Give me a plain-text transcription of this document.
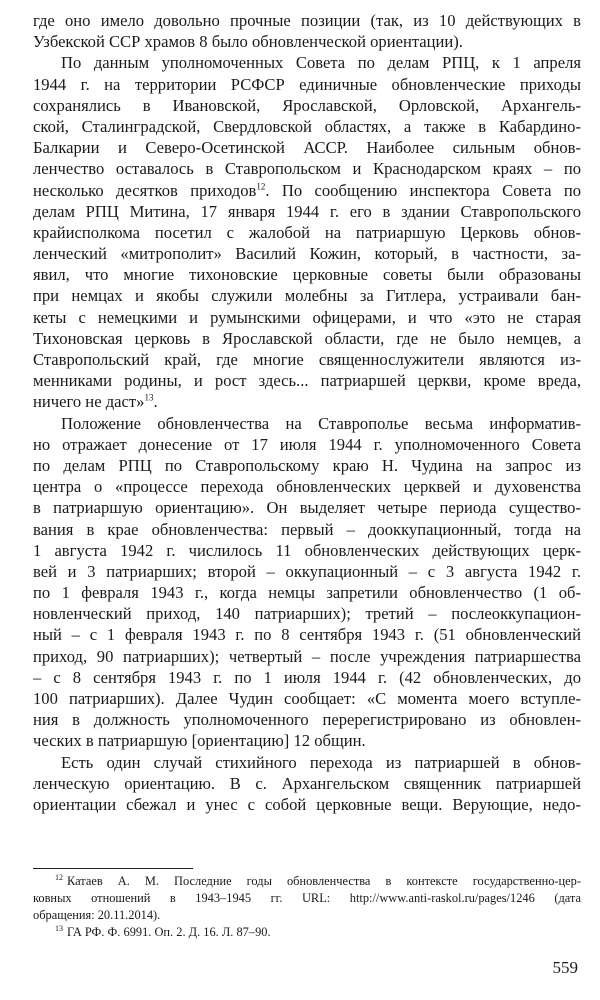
где оно имело довольно прочные позиции (так, из 10 действующих в
Узбекской ССР храмов 8 было обновленческой ориентации).
По данным уполномоченных Совета по делам РПЦ, к 1 апреля
1944 г. на территории РСФСР единичные обновленческие приходы
сохранялись в Ивановской, Ярославской, Орловской, Архангель-
ской, Сталинградской, Свердловской областях, а также в Кабардино-
Балкарии и Северо-Осетинской АССР. Наиболее сильным обнов-
ленчество оставалось в Ставропольском и Краснодарском краях – по
несколько десятков приходов$^{12}$. По сообщению инспектора Совета по
делам РПЦ Митина, 17 января 1944 г. его в здании Ставропольского
крайисполкома посетил с жалобой на патриаршую Церковь обнов-
ленческий «митрополит» Василий Кожин, который, в частности, за-
явил, что многие тихоновские церковные советы были образованы
при немцах и якобы служили молебны за Гитлера, устраивали бан-
кеты с немецкими и румынскими офицерами, и что «это не старая
Тихоновская церковь в Ярославской области, где не было немцев, а
Ставропольский край, где многие священнослужители являются из-
менниками родины, и рост здесь... патриаршей церкви, кроме вреда,
ничего не даст»$^{13}$.
Положение обновленчества на Ставрополье весьма информатив-
но отражает донесение от 17 июля 1944 г. уполномоченного Совета
по делам РПЦ по Ставропольскому краю Н. Чудина на запрос из
центра о «процессе перехода обновленческих церквей и духовенства
в патриаршую ориентацию». Он выделяет четыре периода существо-
вания в крае обновленчества: первый – дооккупационный, тогда на
1 августа 1942 г. числилось 11 обновленческих действующих церк-
вей и 3 патриарших; второй – оккупационный – с 3 августа 1942 г.
по 1 февраля 1943 г., когда немцы запретили обновленчество (1 об-
новленческий приход, 140 патриарших); третий – послеоккупацион-
ный – с 1 февраля 1943 г. по 8 сентября 1943 г. (51 обновленческий
приход, 90 патриарших); четвертый – после учреждения патриаршества
– с 8 сентября 1943 г. по 1 июля 1944 г. (42 обновленческих, до
100 патриарших). Далее Чудин сообщает: «С момента моего вступле-
ния в должность уполномоченного перерегистрировано из обновлен-
ческих в патриаршую [ориентацию] 12 общин.
Есть один случай стихийного перехода из патриаршей в обнов-
ленческую ориентацию. В с. Архангельском священник патриаршей
ориентации сбежал и унес с собой церковные вещи. Верующие, недо-
$^{12}$ Катаев А. М. Последние годы обновленчества в контексте государственно-цер-
ковных отношений в 1943–1945 гг. URL: http://www.anti-raskol.ru/pages/1246 (дата
обращения: 20.11.2014).
$^{13}$ ГА РФ. Ф. 6991. Оп. 2. Д. 16. Л. 87–90.
559
